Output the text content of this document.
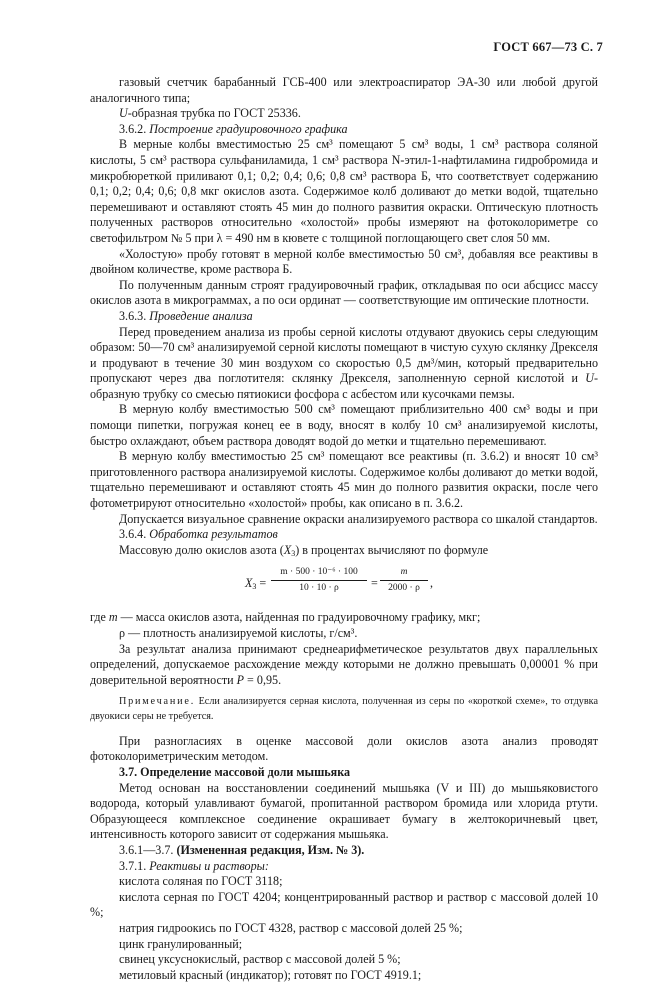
ГОСТ 667—73 С. 7

газовый счетчик барабанный ГСБ-400 или электроаспиратор ЭА-30 или любой другой аналогичного типа;

U-образная трубка по ГОСТ 25336.

3.6.2. Построение градуировочного графика

В мерные колбы вместимостью 25 см³ помещают 5 см³ воды, 1 см³ раствора соляной кислоты, 5 см³ раствора сульфаниламида, 1 см³ раствора N-этил-1-нафтиламина гидробромида и микробюреткой приливают 0,1; 0,2; 0,4; 0,6; 0,8 см³ раствора Б, что соответствует содержанию 0,1; 0,2; 0,4; 0,6; 0,8 мкг окислов азота. Содержимое колб доливают до метки водой, тщательно перемешивают и оставляют стоять 45 мин до полного развития окраски. Оптическую плотность полученных растворов относительно «холостой» пробы измеряют на фотоколориметре со светофильтром № 5 при λ = 490 нм в кювете с толщиной поглощающего свет слоя 50 мм.

«Холостую» пробу готовят в мерной колбе вместимостью 50 см³, добавляя все реактивы в двойном количестве, кроме раствора Б.

По полученным данным строят градуировочный график, откладывая по оси абсцисс массу окислов азота в микрограммах, а по оси ординат — соответствующие им оптические плотности.

3.6.3. Проведение анализа

Перед проведением анализа из пробы серной кислоты отдувают двуокись серы следующим образом: 50—70 см³ анализируемой серной кислоты помещают в чистую сухую склянку Дрекселя и продувают в течение 30 мин воздухом со скоростью 0,5 дм³/мин, который предварительно пропускают через два поглотителя: склянку Дрекселя, заполненную серной кислотой и U-образную трубку со смесью пятиокиси фосфора с асбестом или кусочками пемзы.

В мерную колбу вместимостью 500 см³ помещают приблизительно 400 см³ воды и при помощи пипетки, погружая конец ее в воду, вносят в колбу 10 см³ анализируемой кислоты, быстро охлаждают, объем раствора доводят водой до метки и тщательно перемешивают.

В мерную колбу вместимостью 25 см³ помещают все реактивы (п. 3.6.2) и вносят 10 см³ приготовленного раствора анализируемой кислоты. Содержимое колбы доливают до метки водой, тщательно перемешивают и оставляют стоять 45 мин до полного развития окраски, после чего фотометрируют относительно «холостой» пробы, как описано в п. 3.6.2.

Допускается визуальное сравнение окраски анализируемого раствора со шкалой стандартов.

3.6.4. Обработка результатов

Массовую долю окислов азота $(X_3)$ в процентах вычисляют по формуле

$X_3 = \frac{\text{m · 500 · 10⁻⁶ · 100}}{10 \cdot 10 \cdot \rho} = \frac{m}{2000 \cdot \rho}$ ,

где m — масса окислов азота, найденная по градуировочному графику, мкг;

ρ — плотность анализируемой кислоты, г/см³.

За результат анализа принимают среднеарифметическое результатов двух параллельных определений, допускаемое расхождение между которыми не должно превышать 0,00001 % при доверительной вероятности P = 0,95.

Примечание. Если анализируется серная кислота, полученная из серы по «короткой схеме», то отдувка двуокиси серы не требуется.

При разногласиях в оценке массовой доли окислов азота анализ проводят фотоколориметрическим методом.

3.7. Определение массовой доли мышьяка

Метод основан на восстановлении соединений мышьяка (V и III) до мышьяковистого водорода, который улавливают бумагой, пропитанной раствором бромида или хлорида ртути. Образующееся комплексное соединение окрашивает бумагу в желтокоричневый цвет, интенсивность которого зависит от содержания мышьяка.

3.6.1—3.7. (Измененная редакция, Изм. № 3).

3.7.1. Реактивы и растворы:

кислота соляная по ГОСТ 3118;

кислота серная по ГОСТ 4204; концентрированный раствор и раствор с массовой долей 10 %;

натрия гидроокись по ГОСТ 4328, раствор с массовой долей 25 %;

цинк гранулированный;

свинец уксуснокислый, раствор с массовой долей 5 %;

метиловый красный (индикатор); готовят по ГОСТ 4919.1;
